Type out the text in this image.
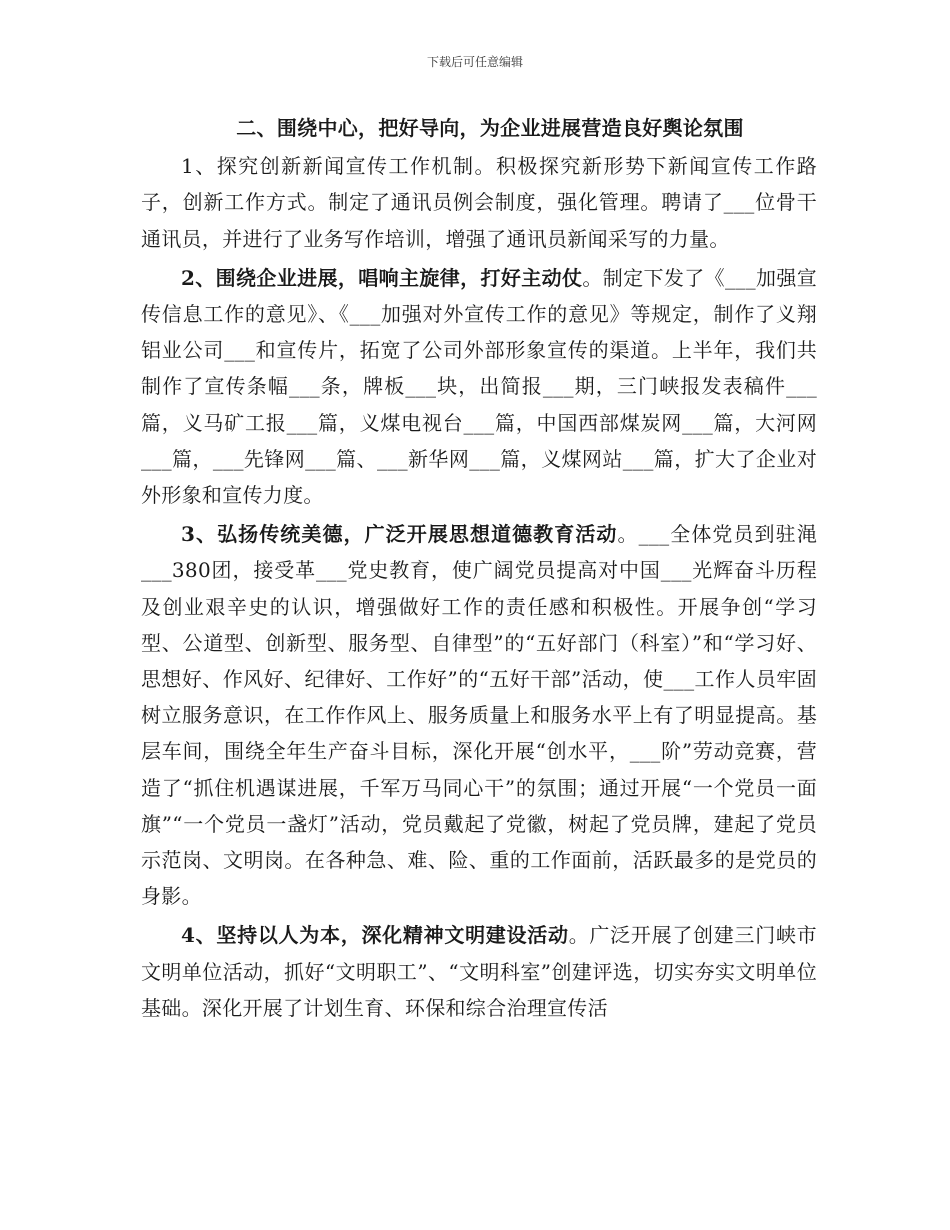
下载后可任意编辑
二、围绕中心，把好导向，为企业进展营造良好舆论氛围

1、探究创新新闻宣传工作机制。积极探究新形势下新闻宣传工作路子，创新工作方式。制定了通讯员例会制度，强化管理。聘请了___位骨干通讯员，并进行了业务写作培训，增强了通讯员新闻采写的力量。

2、围绕企业进展，唱响主旋律，打好主动仗。制定下发了《___加强宣传信息工作的意见》、《___加强对外宣传工作的意见》等规定，制作了义翔铝业公司___和宣传片，拓宽了公司外部形象宣传的渠道。上半年，我们共制作了宣传条幅___条，牌板___块，出简报___期，三门峡报发表稿件___篇，义马矿工报___篇，义煤电视台___篇，中国西部煤炭网___篇，大河网___篇，___先锋网___篇、___新华网___篇，义煤网站___篇，扩大了企业对外形象和宣传力度。

3、弘扬传统美德，广泛开展思想道德教育活动。___全体党员到驻渑___380团，接受革___党史教育，使广阔党员提高对中国___光辉奋斗历程及创业艰辛史的认识，增强做好工作的责任感和积极性。开展争创“学习型、公道型、创新型、服务型、自律型”的“五好部门（科室）”和“学习好、思想好、作风好、纪律好、工作好”的“五好干部”活动，使___工作人员牢固树立服务意识，在工作作风上、服务质量上和服务水平上有了明显提高。基层车间，围绕全年生产奋斗目标，深化开展“创水平，___阶”劳动竞赛，营造了“抓住机遇谋进展，千军万马同心干”的氛围；通过开展“一个党员一面旗”“一个党员一盏灯”活动，党员戴起了党徽，树起了党员牌，建起了党员示范岗、文明岗。在各种急、难、险、重的工作面前，活跃最多的是党员的身影。

4、坚持以人为本，深化精神文明建设活动。广泛开展了创建三门峡市文明单位活动，抓好“文明职工”、“文明科室”创建评选，切实夯实文明单位基础。深化开展了计划生育、环保和综合治理宣传活
